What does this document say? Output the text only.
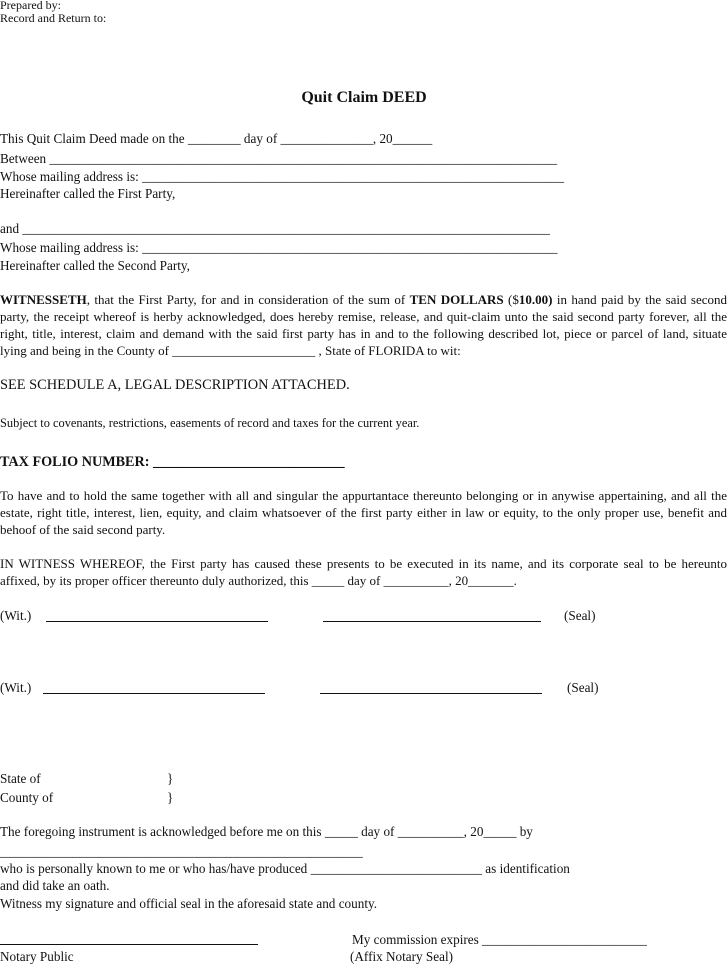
Prepared by:
Record and Return to:
Quit Claim DEED
This Quit Claim Deed made on the ________ day of ______________, 20______
Between _____________________________________________________________________________
Whose mailing address is: ________________________________________________________________
Hereinafter called the First Party,
and ________________________________________________________________________________
Whose mailing address is: _______________________________________________________________
Hereinafter called the Second Party,
WITNESSETH, that the First Party, for and in consideration of the sum of TEN DOLLARS ($10.00) in hand paid by the said second party, the receipt whereof is herby acknowledged, does hereby remise, release, and quit-claim unto the said second party forever, all the right, title, interest, claim and demand with the said first party has in and to the following described lot, piece or parcel of land, situate lying and being in the County of ______________________ , State of FLORIDA to wit:
SEE SCHEDULE A, LEGAL DESCRIPTION ATTACHED.
Subject to covenants, restrictions, easements of record and taxes for the current year.
TAX FOLIO NUMBER: ___________________________
To have and to hold the same together with all and singular the appurtantace thereunto belonging or in anywise appertaining, and all the estate, right title, interest, lien, equity, and claim whatsoever of the first party either in law or equity, to the only proper use, benefit and behoof of the said second party.
IN WITNESS WHEREOF, the First party has caused these presents to be executed in its name, and its corporate seal to be hereunto affixed, by its proper officer thereunto duly authorized, this _____ day of __________, 20_______.
(Wit.)	(Seal)
(Wit.)	(Seal)
State of	}
County of	}
The foregoing instrument is acknowledged before me on this _____ day of __________, 20_____ by
_______________________________________________________
who is personally known to me or who has/have produced __________________________ as identification
and did take an oath.
Witness my signature and official seal in the aforesaid state and county.
My commission expires _________________________
Notary Public	(Affix Notary Seal)
